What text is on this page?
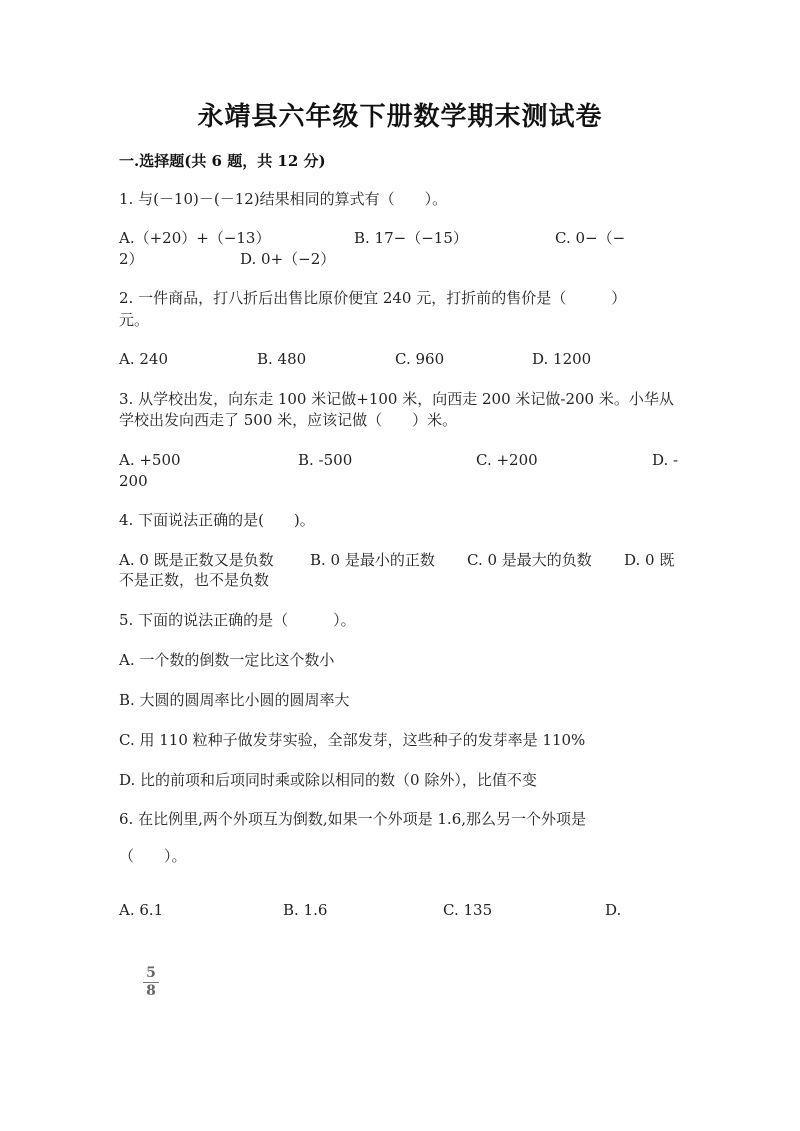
永靖县六年级下册数学期末测试卷
一.选择题(共 6 题，共 12 分)
1. 与(－10)－(－12)结果相同的算式有（　　）。
A.（+20）+（−13）	B. 17−（−15）	C. 0−（−
2）	D. 0+（−2）
2. 一件商品，打八折后出售比原价便宜 240 元，打折前的售价是（　　　）
元。
A. 240	B. 480	C. 960	D. 1200
3. 从学校出发，向东走 100 米记做+100 米，向西走 200 米记做-200 米。小华从
学校出发向西走了 500 米，应该记做（　　）米。
A. +500	B. -500	C. +200	D. -
200
4. 下面说法正确的是(　　)。
A. 0 既是正数又是负数 B. 0 是最小的正数 C. 0 是最大的负数 D. 0 既
不是正数，也不是负数
5. 下面的说法正确的是（　　　）。
A. 一个数的倒数一定比这个数小
B. 大圆的圆周率比小圆的圆周率大
C. 用 110 粒种子做发芽实验，全部发芽，这些种子的发芽率是 110%
D. 比的前项和后项同时乘或除以相同的数（0 除外），比值不变
6. 在比例里,两个外项互为倒数,如果一个外项是 1.6,那么另一个外项是
（　　）。
A. 6.1	B. 1.6	C. 135	D.
5
8
